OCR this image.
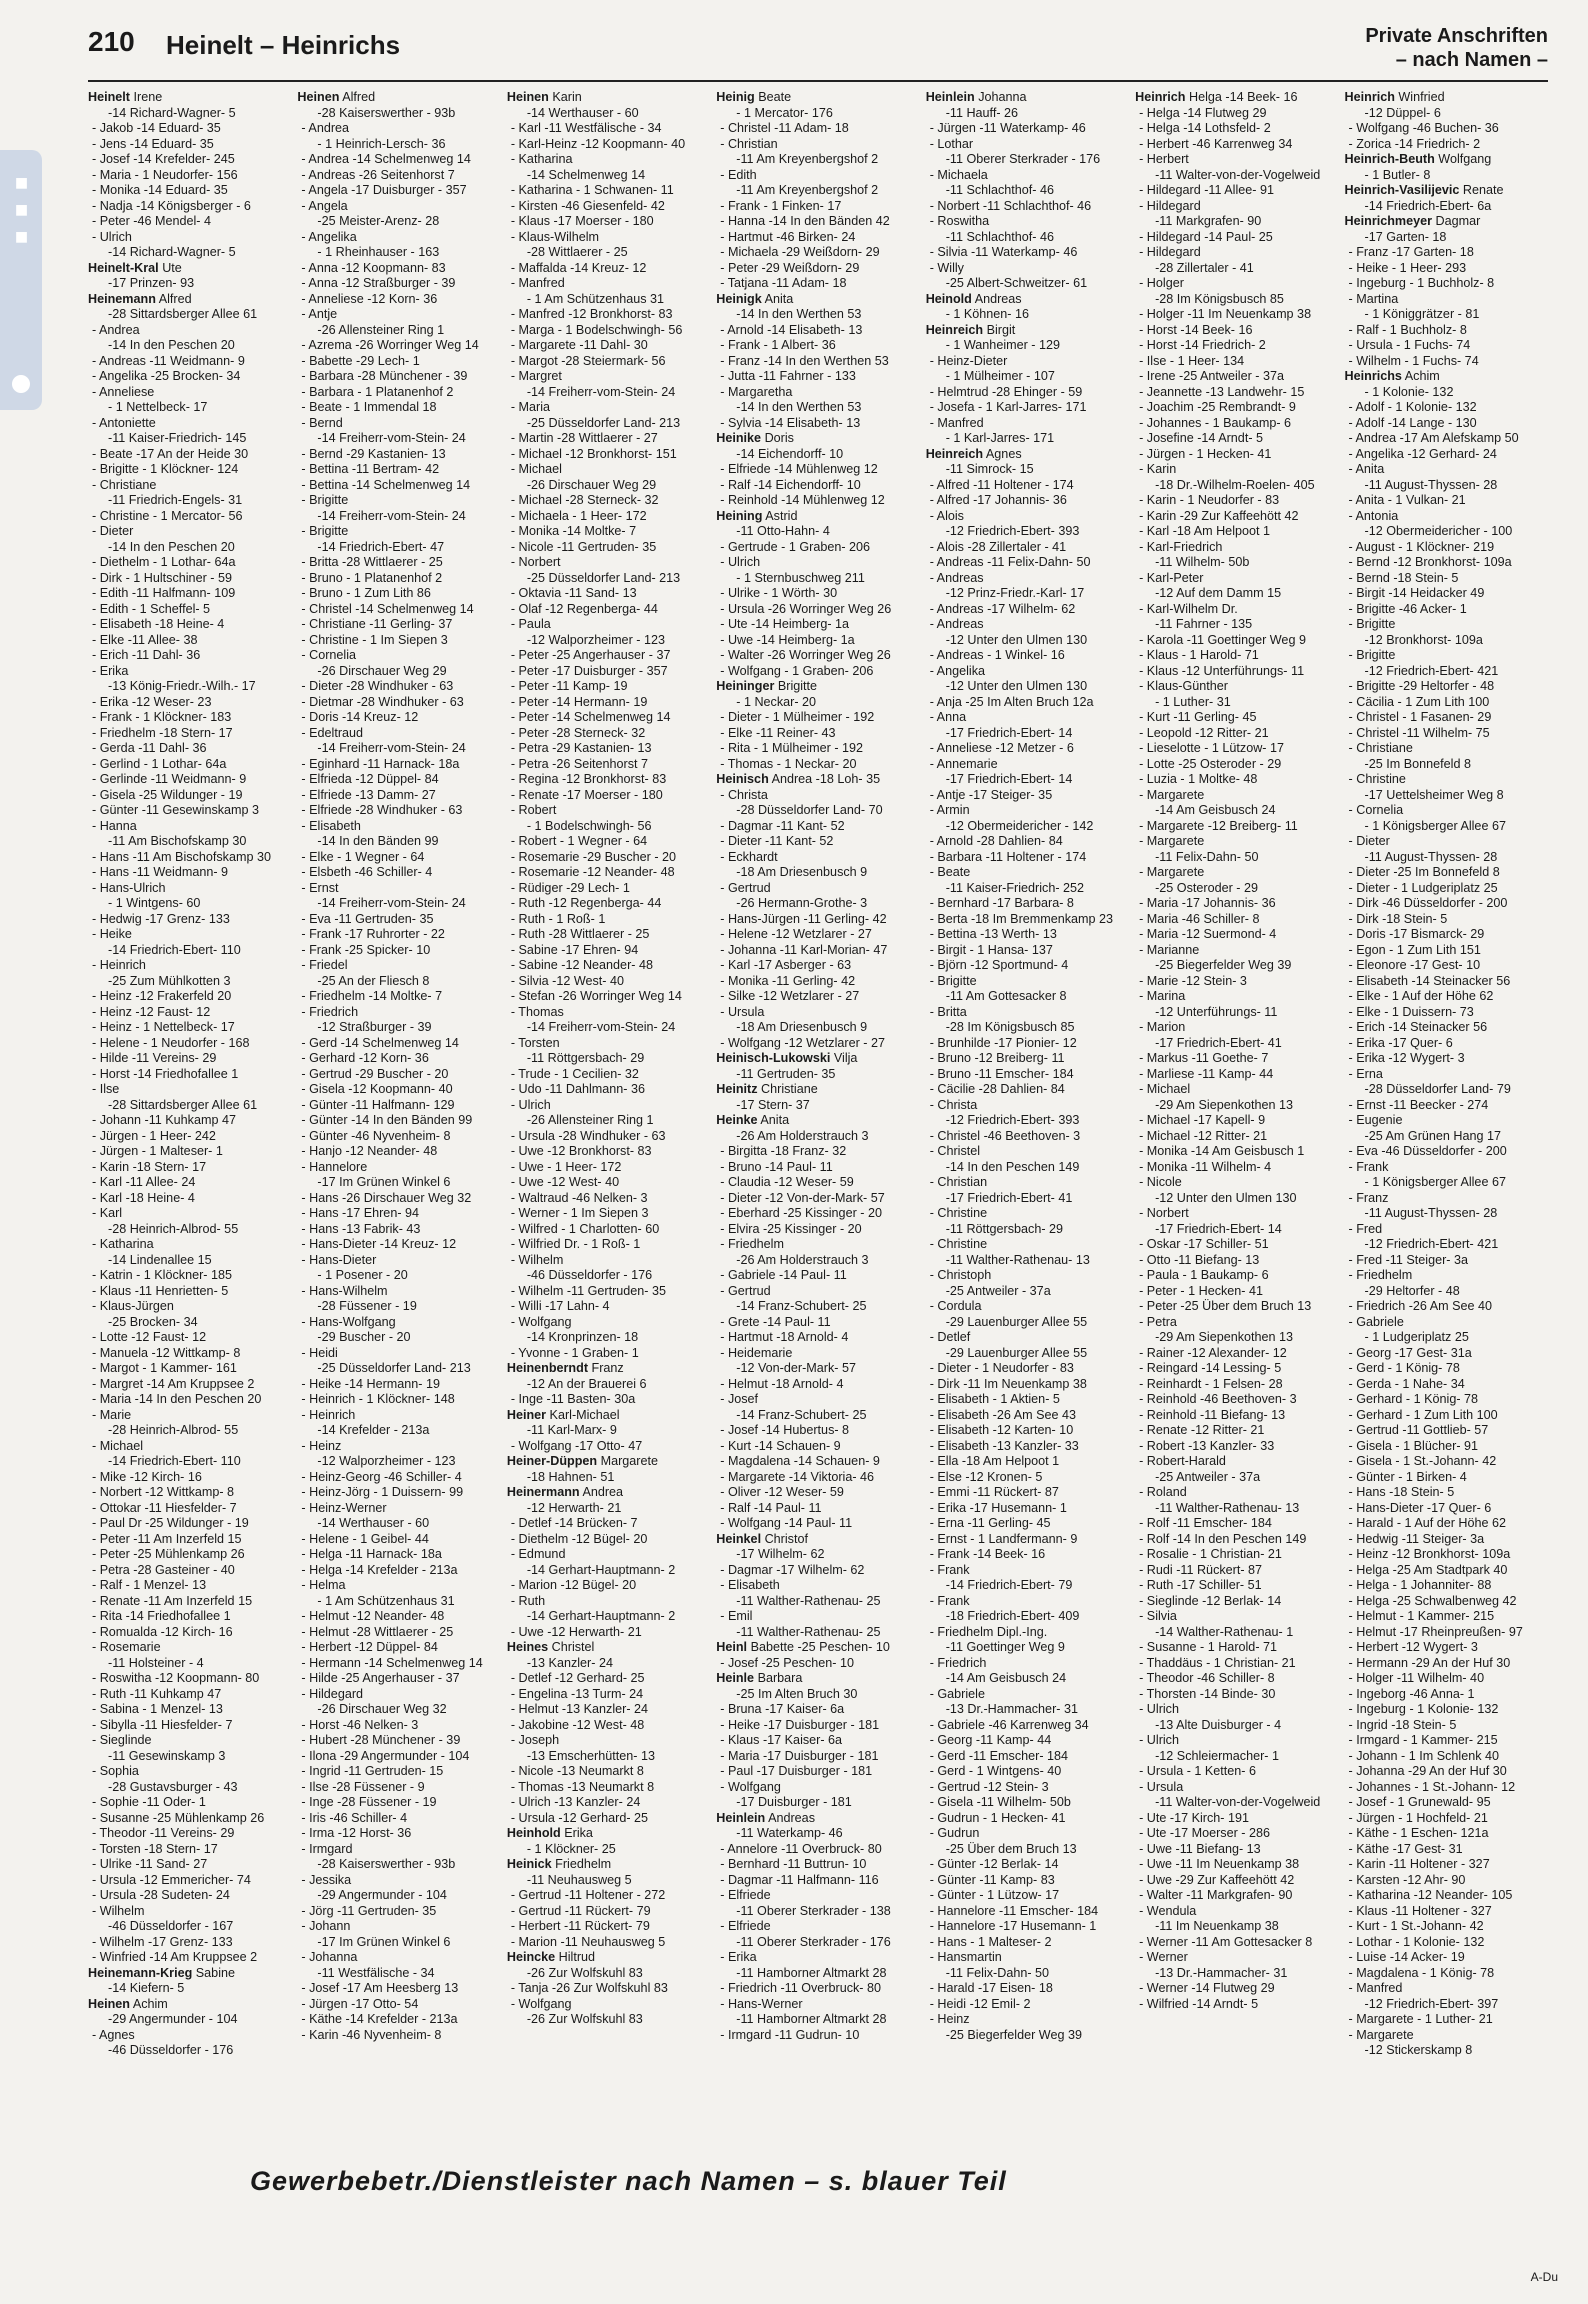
210 Heinelt – Heinrichs	Private Anschriften
– nach Namen –
■■■
Heinelt Irene
-14 Richard-Wagner- 5
- Jakob -14 Eduard- 35
- Jens -14 Eduard- 35
- Josef -14 Krefelder- 245
- Maria - 1 Neudorfer- 156
- Monika -14 Eduard- 35
- Nadja -14 Königsberger - 6
- Peter -46 Mendel- 4
- Ulrich
-14 Richard-Wagner- 5
Heinelt-Kral Ute
-17 Prinzen- 93
Heinemann Alfred
-28 Sittardsberger Allee 61
- Andrea
-14 In den Peschen 20
- Andreas -11 Weidmann- 9
- Angelika -25 Brocken- 34
- Anneliese
- 1 Nettelbeck- 17
- Antoniette
-11 Kaiser-Friedrich- 145
- Beate -17 An der Heide 30
- Brigitte - 1 Klöckner- 124
- Christiane
-11 Friedrich-Engels- 31
- Christine - 1 Mercator- 56
- Dieter
-14 In den Peschen 20
- Diethelm - 1 Lothar- 64a
- Dirk - 1 Hultschiner - 59
- Edith -11 Halfmann- 109
- Edith - 1 Scheffel- 5
- Elisabeth -18 Heine- 4
- Elke -11 Allee- 38
- Erich -11 Dahl- 36
- Erika
-13 König-Friedr.-Wilh.- 17
- Erika -12 Weser- 23
- Frank - 1 Klöckner- 183
- Friedhelm -18 Stern- 17
- Gerda -11 Dahl- 36
- Gerlind - 1 Lothar- 64a
- Gerlinde -11 Weidmann- 9
- Gisela -25 Wildunger - 19
- Günter -11 Gesewinskamp 3
- Hanna
-11 Am Bischofskamp 30
- Hans -11 Am Bischofskamp 30
- Hans -11 Weidmann- 9
- Hans-Ulrich
- 1 Wintgens- 60
- Hedwig -17 Grenz- 133
- Heike
-14 Friedrich-Ebert- 110
- Heinrich
-25 Zum Mühlkotten 3
- Heinz -12 Frakerfeld 20
- Heinz -12 Faust- 12
- Heinz - 1 Nettelbeck- 17
- Helene - 1 Neudorfer - 168
- Hilde -11 Vereins- 29
- Horst -14 Friedhofallee 1
- Ilse
-28 Sittardsberger Allee 61
- Johann -11 Kuhkamp 47
- Jürgen - 1 Heer- 242
- Jürgen - 1 Malteser- 1
- Karin -18 Stern- 17
- Karl -11 Allee- 24
- Karl -18 Heine- 4
- Karl
-28 Heinrich-Albrod- 55
- Katharina
-14 Lindenallee 15
- Katrin - 1 Klöckner- 185
- Klaus -11 Henrietten- 5
- Klaus-Jürgen
-25 Brocken- 34
- Lotte -12 Faust- 12
- Manuela -12 Wittkamp- 8
- Margot - 1 Kammer- 161
- Margret -14 Am Kruppsee 2
- Maria -14 In den Peschen 20
- Marie
-28 Heinrich-Albrod- 55
- Michael
-14 Friedrich-Ebert- 110
- Mike -12 Kirch- 16
- Norbert -12 Wittkamp- 8
- Ottokar -11 Hiesfelder- 7
- Paul Dr -25 Wildunger - 19
- Peter -11 Am Inzerfeld 15
- Peter -25 Mühlenkamp 26
- Petra -28 Gasteiner - 40
- Ralf - 1 Menzel- 13
- Renate -11 Am Inzerfeld 15
- Rita -14 Friedhofallee 1
- Romualda -12 Kirch- 16
- Rosemarie
-11 Holsteiner - 4
- Roswitha -12 Koopmann- 80
- Ruth -11 Kuhkamp 47
- Sabina - 1 Menzel- 13
- Sibylla -11 Hiesfelder- 7
- Sieglinde
-11 Gesewinskamp 3
- Sophia
-28 Gustavsburger - 43
- Sophie -11 Oder- 1
- Susanne -25 Mühlenkamp 26
- Theodor -11 Vereins- 29
- Torsten -18 Stern- 17
- Ulrike -11 Sand- 27
- Ursula -12 Emmericher- 74
- Ursula -28 Sudeten- 24
- Wilhelm
-46 Düsseldorfer - 167
- Wilhelm -17 Grenz- 133
- Winfried -14 Am Kruppsee 2
Heinemann-Krieg Sabine
-14 Kiefern- 5
Heinen Achim
-29 Angermunder - 104
- Agnes
-46 Düsseldorfer - 176
Heinen Alfred
-28 Kaiserswerther - 93b
- Andrea
- 1 Heinrich-Lersch- 36
- Andrea -14 Schelmenweg 14
- Andreas -26 Seitenhorst 7
- Angela -17 Duisburger - 357
- Angela
-25 Meister-Arenz- 28
- Angelika
- 1 Rheinhauser - 163
- Anna -12 Koopmann- 83
- Anna -12 Straßburger - 39
- Anneliese -12 Korn- 36
- Antje
-26 Allensteiner Ring 1
- Azrema -26 Worringer Weg 14
- Babette -29 Lech- 1
- Barbara -28 Münchener - 39
- Barbara - 1 Platanenhof 2
- Beate - 1 Immendal 18
- Bernd
-14 Freiherr-vom-Stein- 24
- Bernd -29 Kastanien- 13
- Bettina -11 Bertram- 42
- Bettina -14 Schelmenweg 14
- Brigitte
-14 Freiherr-vom-Stein- 24
- Brigitte
-14 Friedrich-Ebert- 47
- Britta -28 Wittlaerer - 25
- Bruno - 1 Platanenhof 2
- Bruno - 1 Zum Lith 86
- Christel -14 Schelmenweg 14
- Christiane -11 Gerling- 37
- Christine - 1 Im Siepen 3
- Cornelia
-26 Dirschauer Weg 29
- Dieter -28 Windhuker - 63
- Dietmar -28 Windhuker - 63
- Doris -14 Kreuz- 12
- Edeltraud
-14 Freiherr-vom-Stein- 24
- Eginhard -11 Harnack- 18a
- Elfrieda -12 Düppel- 84
- Elfriede -13 Damm- 27
- Elfriede -28 Windhuker - 63
- Elisabeth
-14 In den Bänden 99
- Elke - 1 Wegner - 64
- Elsbeth -46 Schiller- 4
- Ernst
-14 Freiherr-vom-Stein- 24
- Eva -11 Gertruden- 35
- Frank -17 Ruhrorter - 22
- Frank -25 Spicker- 10
- Friedel
-25 An der Fliesch 8
- Friedhelm -14 Moltke- 7
- Friedrich
-12 Straßburger - 39
- Gerd -14 Schelmenweg 14
- Gerhard -12 Korn- 36
- Gertrud -29 Buscher - 20
- Gisela -12 Koopmann- 40
- Günter -11 Halfmann- 129
- Günter -14 In den Bänden 99
- Günter -46 Nyvenheim- 8
- Hanjo -12 Neander- 48
- Hannelore
-17 Im Grünen Winkel 6
- Hans -26 Dirschauer Weg 32
- Hans -17 Ehren- 94
- Hans -13 Fabrik- 43
- Hans-Dieter -14 Kreuz- 12
- Hans-Dieter
- 1 Posener - 20
- Hans-Wilhelm
-28 Füssener - 19
- Hans-Wolfgang
-29 Buscher - 20
- Heidi
-25 Düsseldorfer Land- 213
- Heike -14 Hermann- 19
- Heinrich - 1 Klöckner- 148
- Heinrich
-14 Krefelder - 213a
- Heinz
-12 Walporzheimer - 123
- Heinz-Georg -46 Schiller- 4
- Heinz-Jörg - 1 Duissern- 99
- Heinz-Werner
-14 Werthauser - 60
- Helene - 1 Geibel- 44
- Helga -11 Harnack- 18a
- Helga -14 Krefelder - 213a
- Helma
- 1 Am Schützenhaus 31
- Helmut -12 Neander- 48
- Helmut -28 Wittlaerer - 25
- Herbert -12 Düppel- 84
- Hermann -14 Schelmenweg 14
- Hilde -25 Angerhauser - 37
- Hildegard
-26 Dirschauer Weg 32
- Horst -46 Nelken- 3
- Hubert -28 Münchener - 39
- Ilona -29 Angermunder - 104
- Ingrid -11 Gertruden- 15
- Ilse -28 Füssener - 9
- Inge -28 Füssener - 19
- Iris -46 Schiller- 4
- Irma -12 Horst- 36
- Irmgard
-28 Kaiserswerther - 93b
- Jessika
-29 Angermunder - 104
- Jörg -11 Gertruden- 35
- Johann
-17 Im Grünen Winkel 6
- Johanna
-11 Westfälische - 34
- Josef -17 Am Heesberg 13
- Jürgen -17 Otto- 54
- Käthe -14 Krefelder - 213a
- Karin -46 Nyvenheim- 8
Heinen Karin
-14 Werthauser - 60
- Karl -11 Westfälische - 34
- Karl-Heinz -12 Koopmann- 40
- Katharina
-14 Schelmenweg 14
- Katharina - 1 Schwanen- 11
- Kirsten -46 Giesenfeld- 42
- Klaus -17 Moerser - 180
- Klaus-Wilhelm
-28 Wittlaerer - 25
- Maffalda -14 Kreuz- 12
- Manfred
- 1 Am Schützenhaus 31
- Manfred -12 Bronkhorst- 83
- Marga - 1 Bodelschwingh- 56
- Margarete -11 Dahl- 30
- Margot -28 Steiermark- 56
- Margret
-14 Freiherr-vom-Stein- 24
- Maria
-25 Düsseldorfer Land- 213
- Martin -28 Wittlaerer - 27
- Michael -12 Bronkhorst- 151
- Michael
-26 Dirschauer Weg 29
- Michael -28 Sterneck- 32
- Michaela - 1 Heer- 172
- Monika -14 Moltke- 7
- Nicole -11 Gertruden- 35
- Norbert
-25 Düsseldorfer Land- 213
- Oktavia -11 Sand- 13
- Olaf -12 Regenberga- 44
- Paula
-12 Walporzheimer - 123
- Peter -25 Angerhauser - 37
- Peter -17 Duisburger - 357
- Peter -11 Kamp- 19
- Peter -14 Hermann- 19
- Peter -14 Schelmenweg 14
- Peter -28 Sterneck- 32
- Petra -29 Kastanien- 13
- Petra -26 Seitenhorst 7
- Regina -12 Bronkhorst- 83
- Renate -17 Moerser - 180
- Robert
- 1 Bodelschwingh- 56
- Robert - 1 Wegner - 64
- Rosemarie -29 Buscher - 20
- Rosemarie -12 Neander- 48
- Rüdiger -29 Lech- 1
- Ruth -12 Regenberga- 44
- Ruth - 1 Roß- 1
- Ruth -28 Wittlaerer - 25
- Sabine -17 Ehren- 94
- Sabine -12 Neander- 48
- Silvia -12 West- 40
- Stefan -26 Worringer Weg 14
- Thomas
-14 Freiherr-vom-Stein- 24
- Torsten
-11 Röttgersbach- 29
- Trude - 1 Cecilien- 32
- Udo -11 Dahlmann- 36
- Ulrich
-26 Allensteiner Ring 1
- Ursula -28 Windhuker - 63
- Uwe -12 Bronkhorst- 83
- Uwe - 1 Heer- 172
- Uwe -12 West- 40
- Waltraud -46 Nelken- 3
- Werner - 1 Im Siepen 3
- Wilfred - 1 Charlotten- 60
- Wilfried Dr. - 1 Roß- 1
- Wilhelm
-46 Düsseldorfer - 176
- Wilhelm -11 Gertruden- 35
- Willi -17 Lahn- 4
- Wolfgang
-14 Kronprinzen- 18
- Yvonne - 1 Graben- 1
Heinenberndt Franz
-12 An der Brauerei 6
- Inge -11 Basten- 30a
Heiner Karl-Michael
-11 Karl-Marx- 9
- Wolfgang -17 Otto- 47
Heiner-Düppen Margarete
-18 Hahnen- 51
Heinermann Andrea
-12 Herwarth- 21
- Detlef -14 Brücken- 7
- Diethelm -12 Bügel- 20
- Edmund
-14 Gerhart-Hauptmann- 2
- Marion -12 Bügel- 20
- Ruth
-14 Gerhart-Hauptmann- 2
- Uwe -12 Herwarth- 21
Heines Christel
-13 Kanzler- 24
- Detlef -12 Gerhard- 25
- Engelina -13 Turm- 24
- Helmut -13 Kanzler- 24
- Jakobine -12 West- 48
- Joseph
-13 Emscherhütten- 13
- Nicole -13 Neumarkt 8
- Thomas -13 Neumarkt 8
- Ulrich -13 Kanzler- 24
- Ursula -12 Gerhard- 25
Heinhold Erika
- 1 Klöckner- 25
Heinick Friedhelm
-11 Neuhausweg 5
- Gertrud -11 Holtener - 272
- Gertrud -11 Rückert- 79
- Herbert -11 Rückert- 79
- Marion -11 Neuhausweg 5
Heincke Hiltrud
-26 Zur Wolfskuhl 83
- Tanja -26 Zur Wolfskuhl 83
- Wolfgang
-26 Zur Wolfskuhl 83
Heinig Beate
- 1 Mercator- 176
- Christel -11 Adam- 18
- Christian
-11 Am Kreyenbergshof 2
- Edith
-11 Am Kreyenbergshof 2
- Frank - 1 Finken- 17
- Hanna -14 In den Bänden 42
- Hartmut -46 Birken- 24
- Michaela -29 Weißdorn- 29
- Peter -29 Weißdorn- 29
- Tatjana -11 Adam- 18
Heinigk Anita
-14 In den Werthen 53
- Arnold -14 Elisabeth- 13
- Frank - 1 Albert- 36
- Franz -14 In den Werthen 53
- Jutta -11 Fahrner - 133
- Margaretha
-14 In den Werthen 53
- Sylvia -14 Elisabeth- 13
Heinike Doris
-14 Eichendorff- 10
- Elfriede -14 Mühlenweg 12
- Ralf -14 Eichendorff- 10
- Reinhold -14 Mühlenweg 12
Heining Astrid
-11 Otto-Hahn- 4
- Gertrude - 1 Graben- 206
- Ulrich
- 1 Sternbuschweg 211
- Ulrike - 1 Wörth- 30
- Ursula -26 Worringer Weg 26
- Ute -14 Heimberg- 1a
- Uwe -14 Heimberg- 1a
- Walter -26 Worringer Weg 26
- Wolfgang - 1 Graben- 206
Heininger Brigitte
- 1 Neckar- 20
- Dieter - 1 Mülheimer - 192
- Elke -11 Reiner- 43
- Rita - 1 Mülheimer - 192
- Thomas - 1 Neckar- 20
Heinisch Andrea -18 Loh- 35
- Christa
-28 Düsseldorfer Land- 70
- Dagmar -11 Kant- 52
- Dieter -11 Kant- 52
- Eckhardt
-18 Am Driesenbusch 9
- Gertrud
-26 Hermann-Grothe- 3
- Hans-Jürgen -11 Gerling- 42
- Helene -12 Wetzlarer - 27
- Johanna -11 Karl-Morian- 47
- Karl -17 Asberger - 63
- Monika -11 Gerling- 42
- Silke -12 Wetzlarer - 27
- Ursula
-18 Am Driesenbusch 9
- Wolfgang -12 Wetzlarer - 27
Heinisch-Lukowski Vilja
-11 Gertruden- 35
Heinitz Christiane
-17 Stern- 37
Heinke Anita
-26 Am Holderstrauch 3
- Birgitta -18 Franz- 32
- Bruno -14 Paul- 11
- Claudia -12 Weser- 59
- Dieter -12 Von-der-Mark- 57
- Eberhard -25 Kissinger - 20
- Elvira -25 Kissinger - 20
- Friedhelm
-26 Am Holderstrauch 3
- Gabriele -14 Paul- 11
- Gertrud
-14 Franz-Schubert- 25
- Grete -14 Paul- 11
- Hartmut -18 Arnold- 4
- Heidemarie
-12 Von-der-Mark- 57
- Helmut -18 Arnold- 4
- Josef
-14 Franz-Schubert- 25
- Josef -14 Hubertus- 8
- Kurt -14 Schauen- 9
- Magdalena -14 Schauen- 9
- Margarete -14 Viktoria- 46
- Oliver -12 Weser- 59
- Ralf -14 Paul- 11
- Wolfgang -14 Paul- 11
Heinkel Christof
-17 Wilhelm- 62
- Dagmar -17 Wilhelm- 62
- Elisabeth
-11 Walther-Rathenau- 25
- Emil
-11 Walther-Rathenau- 25
Heinl Babette -25 Peschen- 10
- Josef -25 Peschen- 10
Heinle Barbara
-25 Im Alten Bruch 30
- Bruna -17 Kaiser- 6a
- Heike -17 Duisburger - 181
- Klaus -17 Kaiser- 6a
- Maria -17 Duisburger - 181
- Paul -17 Duisburger - 181
- Wolfgang
-17 Duisburger - 181
Heinlein Andreas
-11 Waterkamp- 46
- Annelore -11 Overbruck- 80
- Bernhard -11 Buttrun- 10
- Dagmar -11 Halfmann- 116
- Elfriede
-11 Oberer Sterkrader - 138
- Elfriede
-11 Oberer Sterkrader - 176
- Erika
-11 Hamborner Altmarkt 28
- Friedrich -11 Overbruck- 80
- Hans-Werner
-11 Hamborner Altmarkt 28
- Irmgard -11 Gudrun- 10
Heinlein Johanna
-11 Hauff- 26
- Jürgen -11 Waterkamp- 46
- Lothar
-11 Oberer Sterkrader - 176
- Michaela
-11 Schlachthof- 46
- Norbert -11 Schlachthof- 46
- Roswitha
-11 Schlachthof- 46
- Silvia -11 Waterkamp- 46
- Willy
-25 Albert-Schweitzer- 61
Heinold Andreas
- 1 Köhnen- 16
Heinreich Birgit
- 1 Wanheimer - 129
- Heinz-Dieter
- 1 Mülheimer - 107
- Helmtrud -28 Ehinger - 59
- Josefa - 1 Karl-Jarres- 171
- Manfred
- 1 Karl-Jarres- 171
Heinreich Agnes
-11 Simrock- 15
- Alfred -11 Holtener - 174
- Alfred -17 Johannis- 36
- Alois
-12 Friedrich-Ebert- 393
- Alois -28 Zillertaler - 41
- Andreas -11 Felix-Dahn- 50
- Andreas
-12 Prinz-Friedr.-Karl- 17
- Andreas -17 Wilhelm- 62
- Andreas
-12 Unter den Ulmen 130
- Andreas - 1 Winkel- 16
- Angelika
-12 Unter den Ulmen 130
- Anja -25 Im Alten Bruch 12a
- Anna
-17 Friedrich-Ebert- 14
- Anneliese -12 Metzer - 6
- Annemarie
-17 Friedrich-Ebert- 14
- Antje -17 Steiger- 35
- Armin
-12 Obermeidericher - 142
- Arnold -28 Dahlien- 84
- Barbara -11 Holtener - 174
- Beate
-11 Kaiser-Friedrich- 252
- Bernhard -17 Barbara- 8
- Berta -18 Im Bremmenkamp 23
- Bettina -13 Werth- 13
- Birgit - 1 Hansa- 137
- Björn -12 Sportmund- 4
- Brigitte
-11 Am Gottesacker 8
- Britta
-28 Im Königsbusch 85
- Brunhilde -17 Pionier- 12
- Bruno -12 Breiberg- 11
- Bruno -11 Emscher- 184
- Cäcilie -28 Dahlien- 84
- Christa
-12 Friedrich-Ebert- 393
- Christel -46 Beethoven- 3
- Christel
-14 In den Peschen 149
- Christian
-17 Friedrich-Ebert- 41
- Christine
-11 Röttgersbach- 29
- Christine
-11 Walther-Rathenau- 13
- Christoph
-25 Antweiler - 37a
- Cordula
-29 Lauenburger Allee 55
- Detlef
-29 Lauenburger Allee 55
- Dieter - 1 Neudorfer - 83
- Dirk -11 Im Neuenkamp 38
- Elisabeth - 1 Aktien- 5
- Elisabeth -26 Am See 43
- Elisabeth -12 Karten- 10
- Elisabeth -13 Kanzler- 33
- Ella -18 Am Helpoot 1
- Else -12 Kronen- 5
- Emmi -11 Rückert- 87
- Erika -17 Husemann- 1
- Erna -11 Gerling- 45
- Ernst - 1 Landfermann- 9
- Frank -14 Beek- 16
- Frank
-14 Friedrich-Ebert- 79
- Frank
-18 Friedrich-Ebert- 409
- Friedhelm Dipl.-Ing.
-11 Goettinger Weg 9
- Friedrich
-14 Am Geisbusch 24
- Gabriele
-13 Dr.-Hammacher- 31
- Gabriele -46 Karrenweg 34
- Georg -11 Kamp- 44
- Gerd -11 Emscher- 184
- Gerd - 1 Wintgens- 40
- Gertrud -12 Stein- 3
- Gisela -11 Wilhelm- 50b
- Gudrun - 1 Hecken- 41
- Gudrun
-25 Über dem Bruch 13
- Günter -12 Berlak- 14
- Günter -11 Kamp- 83
- Günter - 1 Lützow- 17
- Hannelore -11 Emscher- 184
- Hannelore -17 Husemann- 1
- Hans - 1 Malteser- 2
- Hansmartin
-11 Felix-Dahn- 50
- Harald -17 Eisen- 18
- Heidi -12 Emil- 2
- Heinz
-25 Biegerfelder Weg 39
Heinrich Helga -14 Beek- 16
- Helga -14 Flutweg 29
- Helga -14 Lothsfeld- 2
- Herbert -46 Karrenweg 34
- Herbert
-11 Walter-von-der-Vogelweid
- Hildegard -11 Allee- 91
- Hildegard
-11 Markgrafen- 90
- Hildegard -14 Paul- 25
- Hildegard
-28 Zillertaler - 41
- Holger
-28 Im Königsbusch 85
- Holger -11 Im Neuenkamp 38
- Horst -14 Beek- 16
- Horst -14 Friedrich- 2
- Ilse - 1 Heer- 134
- Irene -25 Antweiler - 37a
- Jeannette -13 Landwehr- 15
- Joachim -25 Rembrandt- 9
- Johannes - 1 Baukamp- 6
- Josefine -14 Arndt- 5
- Jürgen - 1 Hecken- 41
- Karin
-18 Dr.-Wilhelm-Roelen- 405
- Karin - 1 Neudorfer - 83
- Karin -29 Zur Kaffeehött 42
- Karl -18 Am Helpoot 1
- Karl-Friedrich
-11 Wilhelm- 50b
- Karl-Peter
-12 Auf dem Damm 15
- Karl-Wilhelm Dr.
-11 Fahrner - 135
- Karola -11 Goettinger Weg 9
- Klaus - 1 Harold- 71
- Klaus -12 Unterführungs- 11
- Klaus-Günther
- 1 Luther- 31
- Kurt -11 Gerling- 45
- Leopold -12 Ritter- 21
- Lieselotte - 1 Lützow- 17
- Lotte -25 Osteroder - 29
- Luzia - 1 Moltke- 48
- Margarete
-14 Am Geisbusch 24
- Margarete -12 Breiberg- 11
- Margarete
-11 Felix-Dahn- 50
- Margarete
-25 Osteroder - 29
- Maria -17 Johannis- 36
- Maria -46 Schiller- 8
- Maria -12 Suermond- 4
- Marianne
-25 Biegerfelder Weg 39
- Marie -12 Stein- 3
- Marina
-12 Unterführungs- 11
- Marion
-17 Friedrich-Ebert- 41
- Markus -11 Goethe- 7
- Marliese -11 Kamp- 44
- Michael
-29 Am Siepenkothen 13
- Michael -17 Kapell- 9
- Michael -12 Ritter- 21
- Monika -14 Am Geisbusch 1
- Monika -11 Wilhelm- 4
- Nicole
-12 Unter den Ulmen 130
- Norbert
-17 Friedrich-Ebert- 14
- Oskar -17 Schiller- 51
- Otto -11 Biefang- 13
- Paula - 1 Baukamp- 6
- Peter - 1 Hecken- 41
- Peter -25 Über dem Bruch 13
- Petra
-29 Am Siepenkothen 13
- Rainer -12 Alexander- 12
- Reingard -14 Lessing- 5
- Reinhardt - 1 Felsen- 28
- Reinhold -46 Beethoven- 3
- Reinhold -11 Biefang- 13
- Renate -12 Ritter- 21
- Robert -13 Kanzler- 33
- Robert-Harald
-25 Antweiler - 37a
- Roland
-11 Walther-Rathenau- 13
- Rolf -11 Emscher- 184
- Rolf -14 In den Peschen 149
- Rosalie - 1 Christian- 21
- Rudi -11 Rückert- 87
- Ruth -17 Schiller- 51
- Sieglinde -12 Berlak- 14
- Silvia
-14 Walther-Rathenau- 1
- Susanne - 1 Harold- 71
- Thaddäus - 1 Christian- 21
- Theodor -46 Schiller- 8
- Thorsten -14 Binde- 30
- Ulrich
-13 Alte Duisburger - 4
- Ulrich
-12 Schleiermacher- 1
- Ursula - 1 Ketten- 6
- Ursula
-11 Walter-von-der-Vogelweid
- Ute -17 Kirch- 191
- Ute -17 Moerser - 286
- Uwe -11 Biefang- 13
- Uwe -11 Im Neuenkamp 38
- Uwe -29 Zur Kaffeehött 42
- Walter -11 Markgrafen- 90
- Wendula
-11 Im Neuenkamp 38
- Werner -11 Am Gottesacker 8
- Werner
-13 Dr.-Hammacher- 31
- Werner -14 Flutweg 29
- Wilfried -14 Arndt- 5
Heinrich Winfried
-12 Düppel- 6
- Wolfgang -46 Buchen- 36
- Zorica -14 Friedrich- 2
Heinrich-Beuth Wolfgang
- 1 Butler- 8
Heinrich-Vasilijevic Renate
-14 Friedrich-Ebert- 6a
Heinrichmeyer Dagmar
-17 Garten- 18
- Franz -17 Garten- 18
- Heike - 1 Heer- 293
- Ingeburg - 1 Buchholz- 8
- Martina
- 1 Königgrätzer - 81
- Ralf - 1 Buchholz- 8
- Ursula - 1 Fuchs- 74
- Wilhelm - 1 Fuchs- 74
Heinrichs Achim
- 1 Kolonie- 132
- Adolf - 1 Kolonie- 132
- Adolf -14 Lange - 130
- Andrea -17 Am Alefskamp 50
- Angelika -12 Gerhard- 24
- Anita
-11 August-Thyssen- 28
- Anita - 1 Vulkan- 21
- Antonia
-12 Obermeidericher - 100
- August - 1 Klöckner- 219
- Bernd -12 Bronkhorst- 109a
- Bernd -18 Stein- 5
- Birgit -14 Heidacker 49
- Brigitte -46 Acker- 1
- Brigitte
-12 Bronkhorst- 109a
- Brigitte
-12 Friedrich-Ebert- 421
- Brigitte -29 Heltorfer - 48
- Cäcilia - 1 Zum Lith 100
- Christel - 1 Fasanen- 29
- Christel -11 Wilhelm- 75
- Christiane
-25 Im Bonnefeld 8
- Christine
-17 Uettelsheimer Weg 8
- Cornelia
- 1 Königsberger Allee 67
- Dieter
-11 August-Thyssen- 28
- Dieter -25 Im Bonnefeld 8
- Dieter - 1 Ludgeriplatz 25
- Dirk -46 Düsseldorfer - 200
- Dirk -18 Stein- 5
- Doris -17 Bismarck- 29
- Egon - 1 Zum Lith 151
- Eleonore -17 Gest- 10
- Elisabeth -14 Steinacker 56
- Elke - 1 Auf der Höhe 62
- Elke - 1 Duissern- 73
- Erich -14 Steinacker 56
- Erika -17 Quer- 6
- Erika -12 Wygert- 3
- Erna
-28 Düsseldorfer Land- 79
- Ernst -11 Beecker - 274
- Eugenie
-25 Am Grünen Hang 17
- Eva -46 Düsseldorfer - 200
- Frank
- 1 Königsberger Allee 67
- Franz
-11 August-Thyssen- 28
- Fred
-12 Friedrich-Ebert- 421
- Fred -11 Steiger- 3a
- Friedhelm
-29 Heltorfer - 48
- Friedrich -26 Am See 40
- Gabriele
- 1 Ludgeriplatz 25
- Georg -17 Gest- 31a
- Gerd - 1 König- 78
- Gerda - 1 Nahe- 34
- Gerhard - 1 König- 78
- Gerhard - 1 Zum Lith 100
- Gertrud -11 Gottlieb- 57
- Gisela - 1 Blücher- 91
- Gisela - 1 St.-Johann- 42
- Günter - 1 Birken- 4
- Hans -18 Stein- 5
- Hans-Dieter -17 Quer- 6
- Harald - 1 Auf der Höhe 62
- Hedwig -11 Steiger- 3a
- Heinz -12 Bronkhorst- 109a
- Helga -25 Am Stadtpark 40
- Helga - 1 Johanniter- 88
- Helga -25 Schwalbenweg 42
- Helmut - 1 Kammer- 215
- Helmut -17 Rheinpreußen- 97
- Herbert -12 Wygert- 3
- Hermann -29 An der Huf 30
- Holger -11 Wilhelm- 40
- Ingeborg -46 Anna- 1
- Ingeburg - 1 Kolonie- 132
- Ingrid -18 Stein- 5
- Irmgard - 1 Kammer- 215
- Johann - 1 Im Schlenk 40
- Johanna -29 An der Huf 30
- Johannes - 1 St.-Johann- 12
- Josef - 1 Grunewald- 95
- Jürgen - 1 Hochfeld- 21
- Käthe - 1 Eschen- 121a
- Käthe -17 Gest- 31
- Karin -11 Holtener - 327
- Karsten -12 Ahr- 90
- Katharina -12 Neander- 105
- Klaus -11 Holtener - 327
- Kurt - 1 St.-Johann- 42
- Lothar - 1 Kolonie- 132
- Luise -14 Acker- 19
- Magdalena - 1 König- 78
- Manfred
-12 Friedrich-Ebert- 397
- Margarete - 1 Luther- 21
- Margarete
-12 Stickerskamp 8
Gewerbebetr./Dienstleister nach Namen – s. blauer Teil
A-Du
